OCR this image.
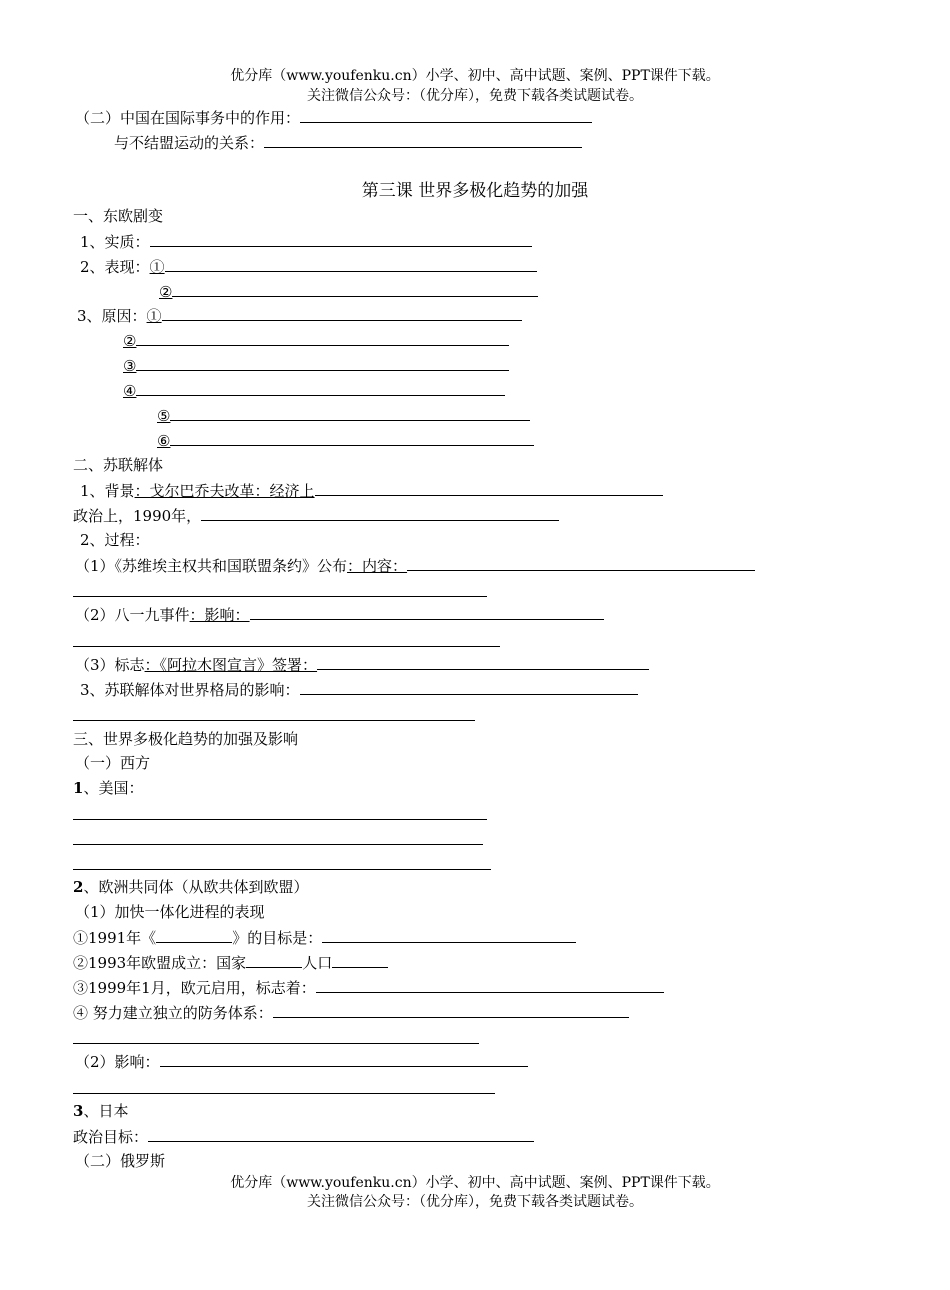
优分库（www.youfenku.cn）小学、初中、高中试题、案例、PPT课件下载。
关注微信公众号：（优分库），免费下载各类试题试卷。
（二）中国在国际事务中的作用：
与不结盟运动的关系：
第三课 世界多极化趋势的加强
一、东欧剧变
1、实质：
2、表现：①
②
3、原因：①
②
③
④
⑤
⑥
二、苏联解体
1、背景：戈尔巴乔夫改革：经济上
政治上，1990年，
2、过程：
（1）《苏维埃主权共和国联盟条约》公布：内容：
（2）八一九事件：影响：
（3）标志：《阿拉木图宣言》签署：
3、苏联解体对世界格局的影响：
三、世界多极化趋势的加强及影响
（一）西方
1、美国：
2、欧洲共同体（从欧共体到欧盟）
（1）加快一体化进程的表现
①1991年《	》的目标是：
②1993年欧盟成立：国家	人口
③1999年1月，欧元启用，标志着：
④ 努力建立独立的防务体系：
（2）影响：
3、日本
政治目标：
（二）俄罗斯
优分库（www.youfenku.cn）小学、初中、高中试题、案例、PPT课件下载。
关注微信公众号：（优分库），免费下载各类试题试卷。
